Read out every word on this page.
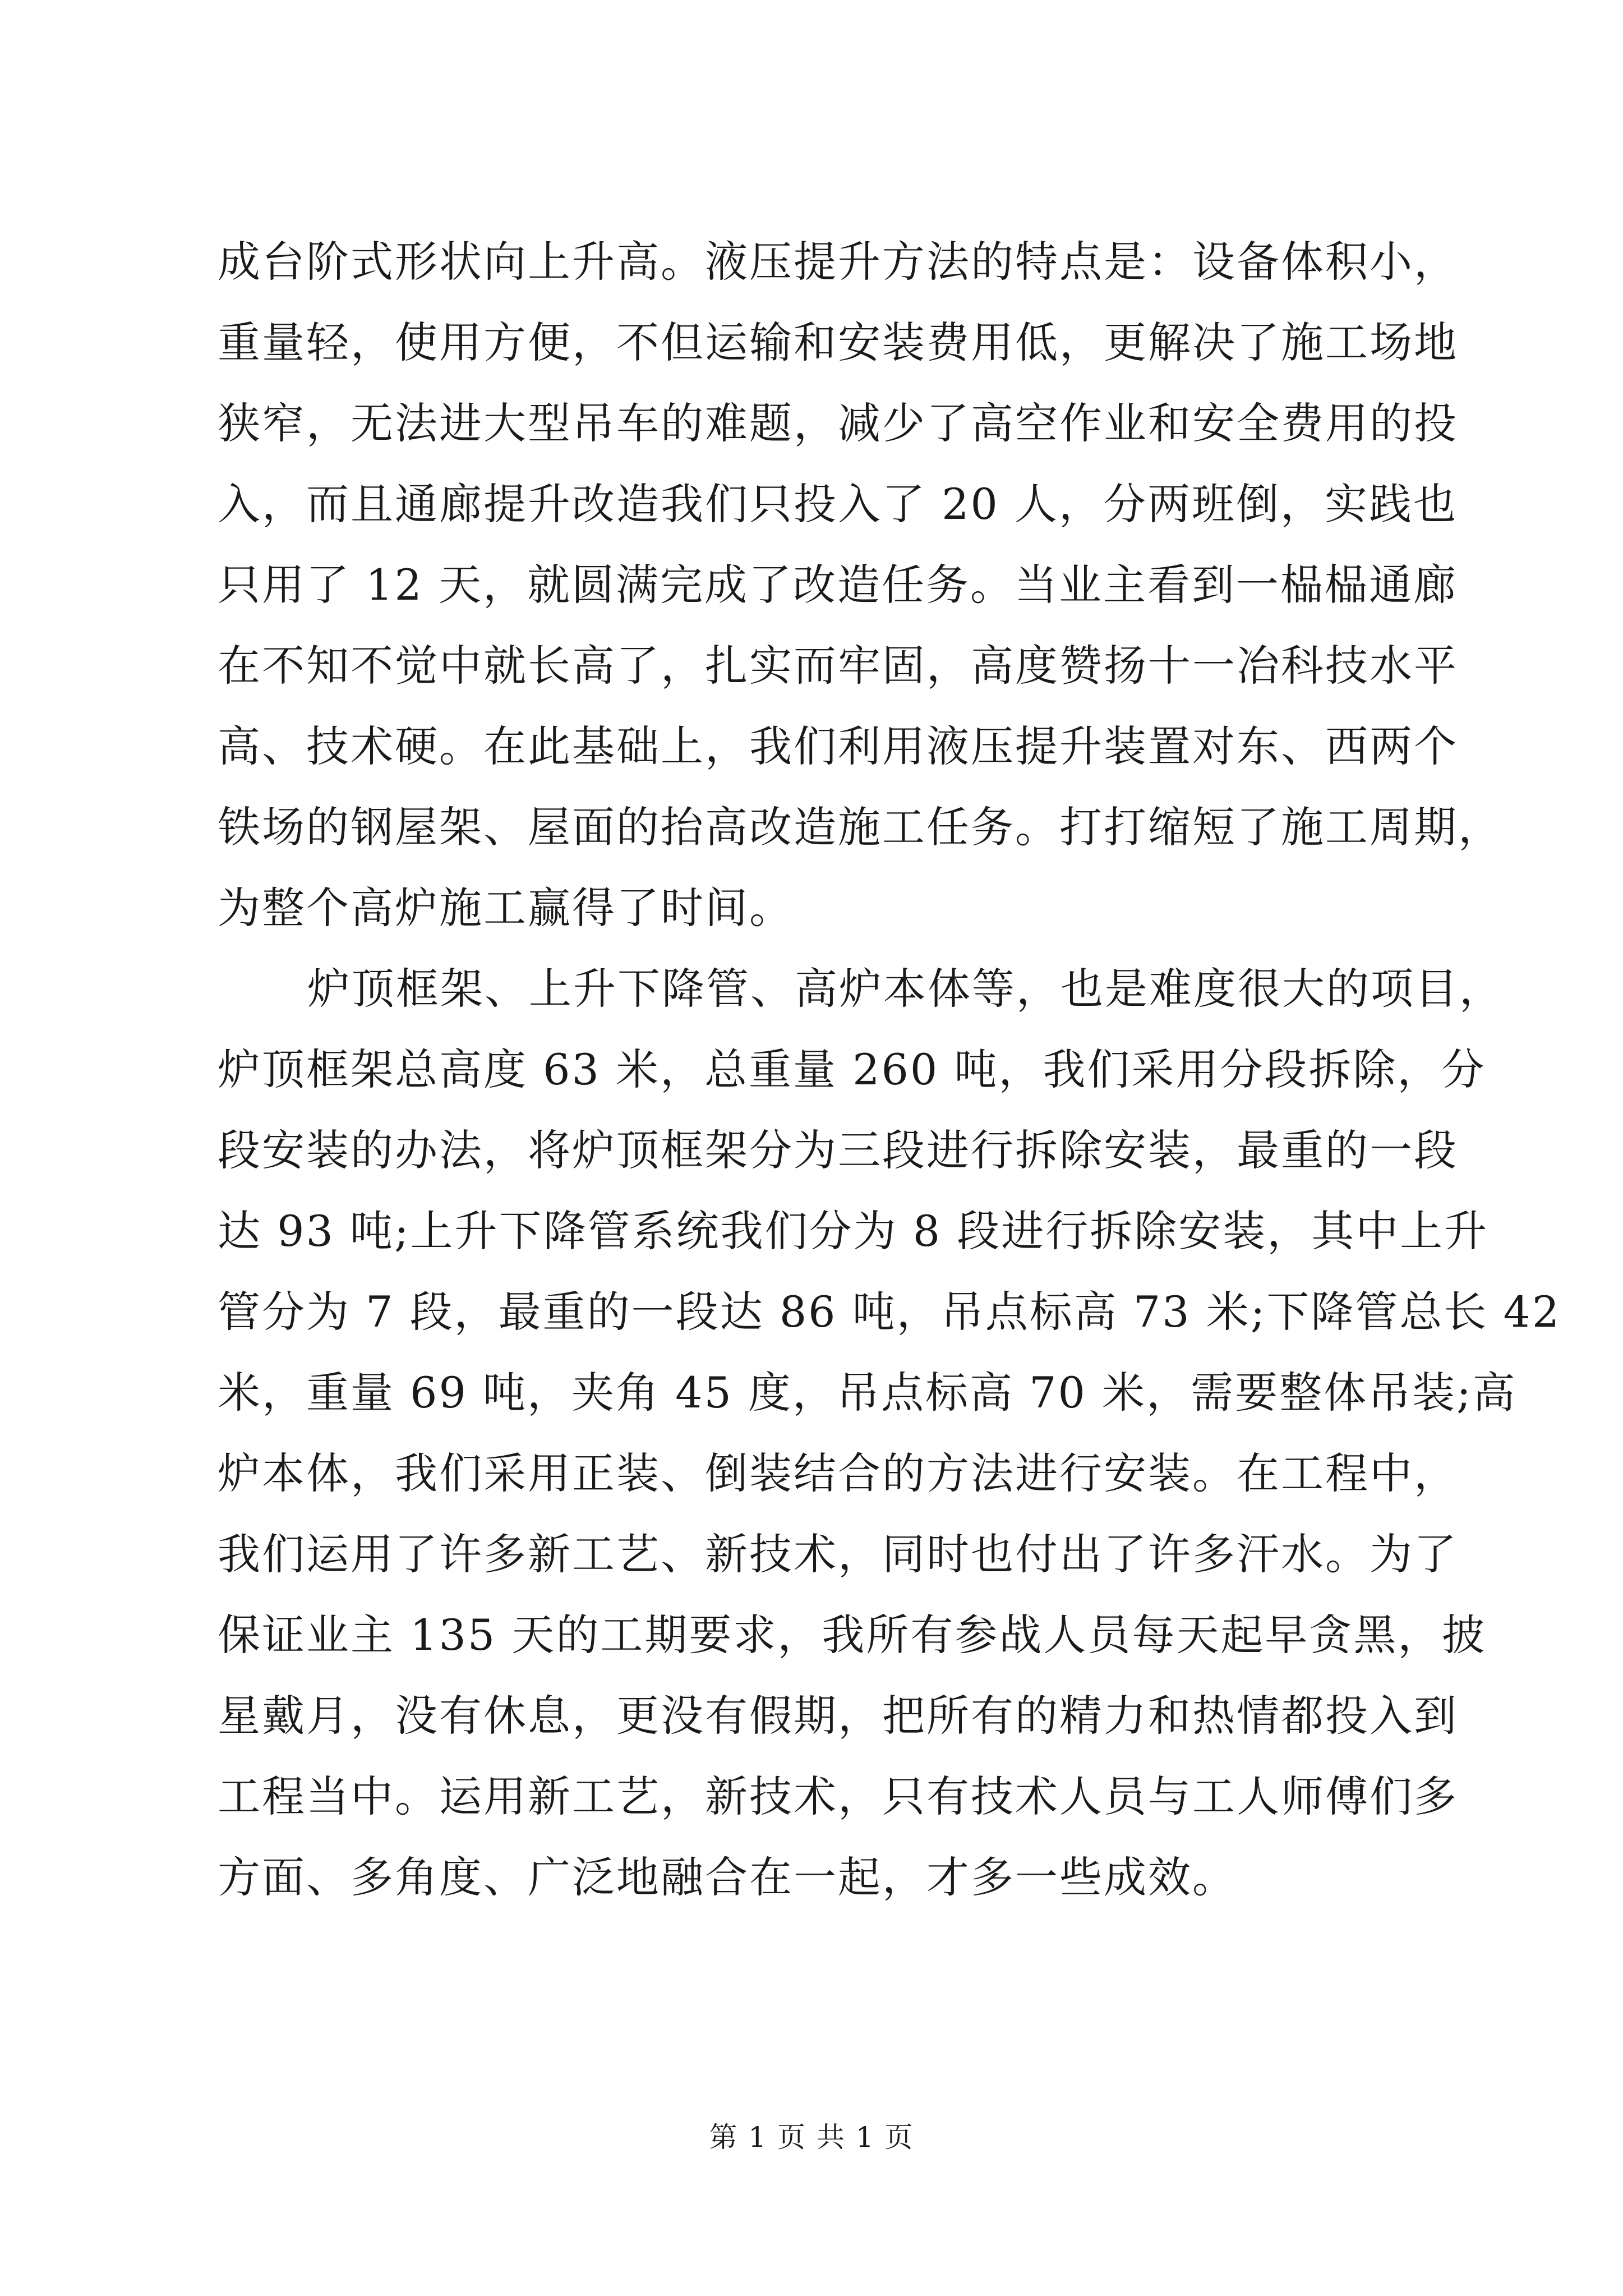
成台阶式形状向上升高。液压提升方法的特点是：设备体积小，
重量轻，使用方便，不但运输和安装费用低，更解决了施工场地
狭窄，无法进大型吊车的难题，减少了高空作业和安全费用的投
入，而且通廊提升改造我们只投入了 20 人，分两班倒，实践也
只用了 12 天，就圆满完成了改造任务。当业主看到一榀榀通廊
在不知不觉中就长高了，扎实而牢固，高度赞扬十一冶科技水平
高、技术硬。在此基础上，我们利用液压提升装置对东、西两个
铁场的钢屋架、屋面的抬高改造施工任务。打打缩短了施工周期，
为整个高炉施工赢得了时间。
炉顶框架、上升下降管、高炉本体等，也是难度很大的项目，
炉顶框架总高度 63 米，总重量 260 吨，我们采用分段拆除，分
段安装的办法，将炉顶框架分为三段进行拆除安装，最重的一段
达 93 吨;上升下降管系统我们分为 8 段进行拆除安装，其中上升
管分为 7 段，最重的一段达 86 吨，吊点标高 73 米;下降管总长 42
米，重量 69 吨，夹角 45 度，吊点标高 70 米，需要整体吊装;高
炉本体，我们采用正装、倒装结合的方法进行安装。在工程中，
我们运用了许多新工艺、新技术，同时也付出了许多汗水。为了
保证业主 135 天的工期要求，我所有参战人员每天起早贪黑，披
星戴月，没有休息，更没有假期，把所有的精力和热情都投入到
工程当中。运用新工艺，新技术，只有技术人员与工人师傅们多
方面、多角度、广泛地融合在一起，才多一些成效。
第 1 页 共 1 页
